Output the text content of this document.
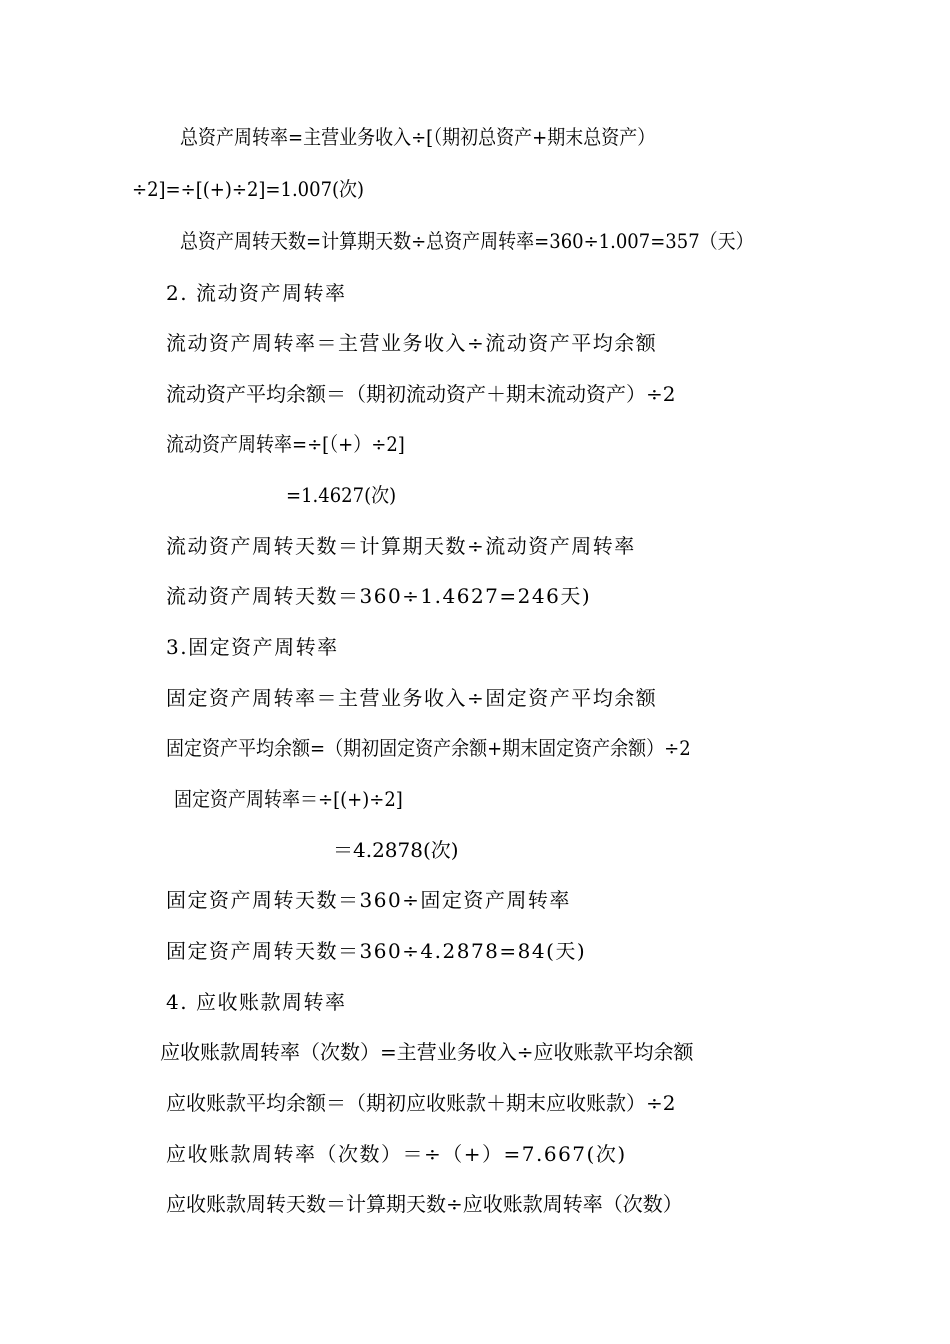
总资产周转率=主营业务收入÷[（期初总资产+期末总资产）
÷2]=÷[(+)÷2]=1.007(次)
总资产周转天数=计算期天数÷总资产周转率=360÷1.007=357（天）
2. 流动资产周转率
流动资产周转率＝主营业务收入÷流动资产平均余额
流动资产平均余额＝（期初流动资产＋期末流动资产）÷2
流动资产周转率=÷[（+）÷2]
=1.4627(次)
流动资产周转天数＝计算期天数÷流动资产周转率
流动资产周转天数＝360÷1.4627=246天)
3.固定资产周转率
固定资产周转率＝主营业务收入÷固定资产平均余额
固定资产平均余额=（期初固定资产余额+期末固定资产余额）÷2
固定资产周转率＝÷[(+)÷2]
＝4.2878(次)
固定资产周转天数＝360÷固定资产周转率
固定资产周转天数＝360÷4.2878=84(天)
4. 应收账款周转率
应收账款周转率（次数）=主营业务收入÷应收账款平均余额
应收账款平均余额＝（期初应收账款＋期末应收账款）÷2
应收账款周转率（次数）＝÷（+）=7.667(次)
应收账款周转天数＝计算期天数÷应收账款周转率（次数）
